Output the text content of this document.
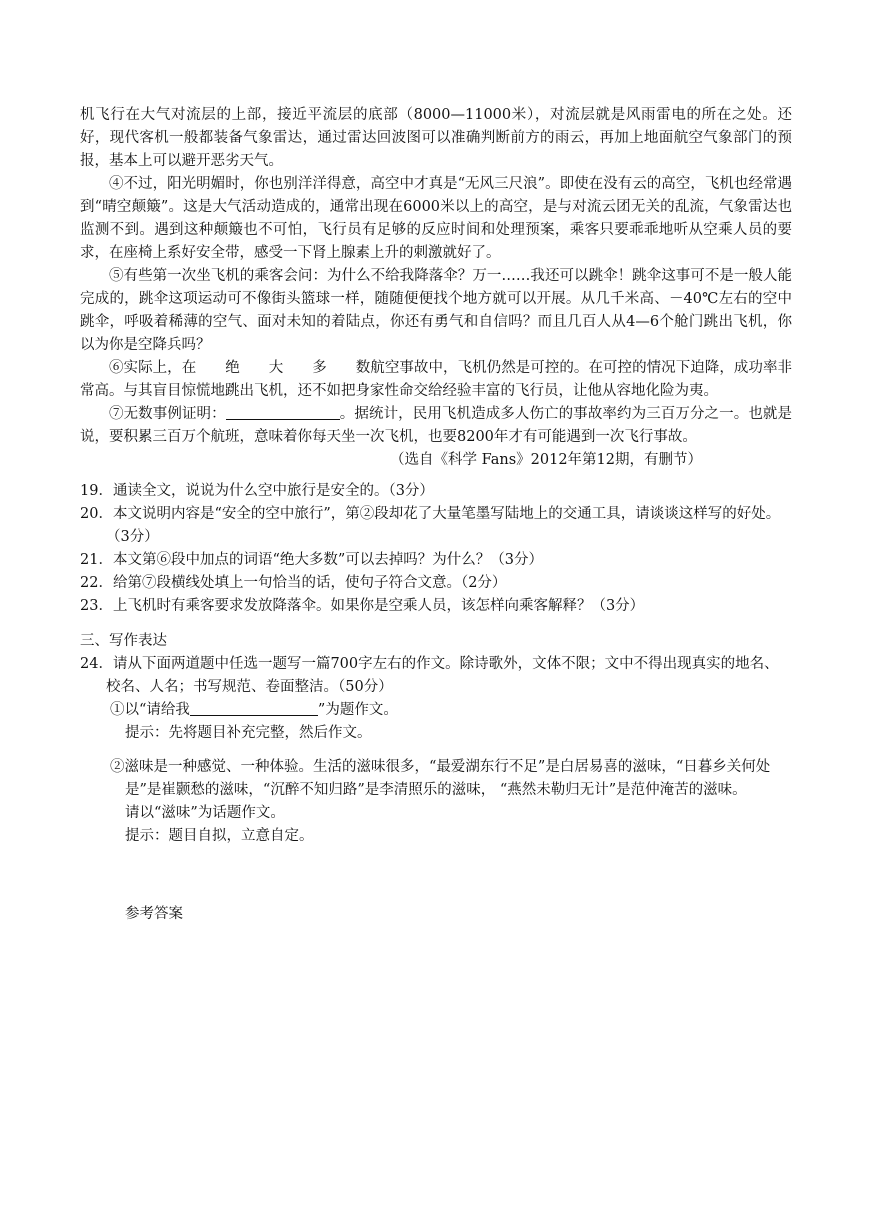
机飞行在大气对流层的上部，接近平流层的底部（8000—11000米），对流层就是风雨雷电的所在之处。还好，现代客机一般都装备气象雷达，通过雷达回波图可以准确判断前方的雨云，再加上地面航空气象部门的预报，基本上可以避开恶劣天气。

④不过，阳光明媚时，你也别洋洋得意，高空中才真是“无风三尺浪”。即使在没有云的高空，飞机也经常遇到“晴空颠簸”。这是大气活动造成的，通常出现在6000米以上的高空，是与对流云团无关的乱流，气象雷达也监测不到。遇到这种颠簸也不可怕，飞行员有足够的反应时间和处理预案，乘客只要乖乖地听从空乘人员的要求，在座椅上系好安全带，感受一下肾上腺素上升的刺激就好了。

⑤有些第一次坐飞机的乘客会问：为什么不给我降落伞？万一……我还可以跳伞！跳伞这事可不是一般人能完成的，跳伞这项运动可不像街头篮球一样，随随便便找个地方就可以开展。从几千米高、－40℃左右的空中跳伞，呼吸着稀薄的空气、面对未知的着陆点，你还有勇气和自信吗？而且几百人从4—6个舱门跳出飞机，你以为你是空降兵吗？

⑥实际上，在 绝 大 多 数航空事故中，飞机仍然是可控的。在可控的情况下迫降，成功率非常高。与其盲目惊慌地跳出飞机，还不如把身家性命交给经验丰富的飞行员，让他从容地化险为夷。

⑦无数事例证明：	。据统计，民用飞机造成多人伤亡的事故率约为三百万分之一。也就是说，要积累三百万个航班，意味着你每天坐一次飞机，也要8200年才有可能遇到一次飞行事故。

（选自《科学 Fans》2012年第12期，有删节）

19．通读全文，说说为什么空中旅行是安全的。（3分）

20．本文说明内容是“安全的空中旅行”，第②段却花了大量笔墨写陆地上的交通工具，请谈谈这样写的好处。（3分）

21．本文第⑥段中加点的词语“绝大多数”可以去掉吗？为什么？（3分）

22．给第⑦段横线处填上一句恰当的话，使句子符合文意。（2分）

23．上飞机时有乘客要求发放降落伞。如果你是空乘人员，该怎样向乘客解释？（3分）

三、写作表达

24．请从下面两道题中任选一题写一篇700字左右的作文。除诗歌外，文体不限；文中不得出现真实的地名、校名、人名；书写规范、卷面整洁。（50分）

①以“请给我	”为题作文。

提示：先将题目补充完整，然后作文。

②滋味是一种感觉、一种体验。生活的滋味很多，“最爱湖东行不足”是白居易喜的滋味，“日暮乡关何处是”是崔颢愁的滋味，“沉醉不知归路”是李清照乐的滋味， “燕然未勒归无计”是范仲淹苦的滋味。

请以“滋味”为话题作文。

提示：题目自拟，立意自定。

参考答案
